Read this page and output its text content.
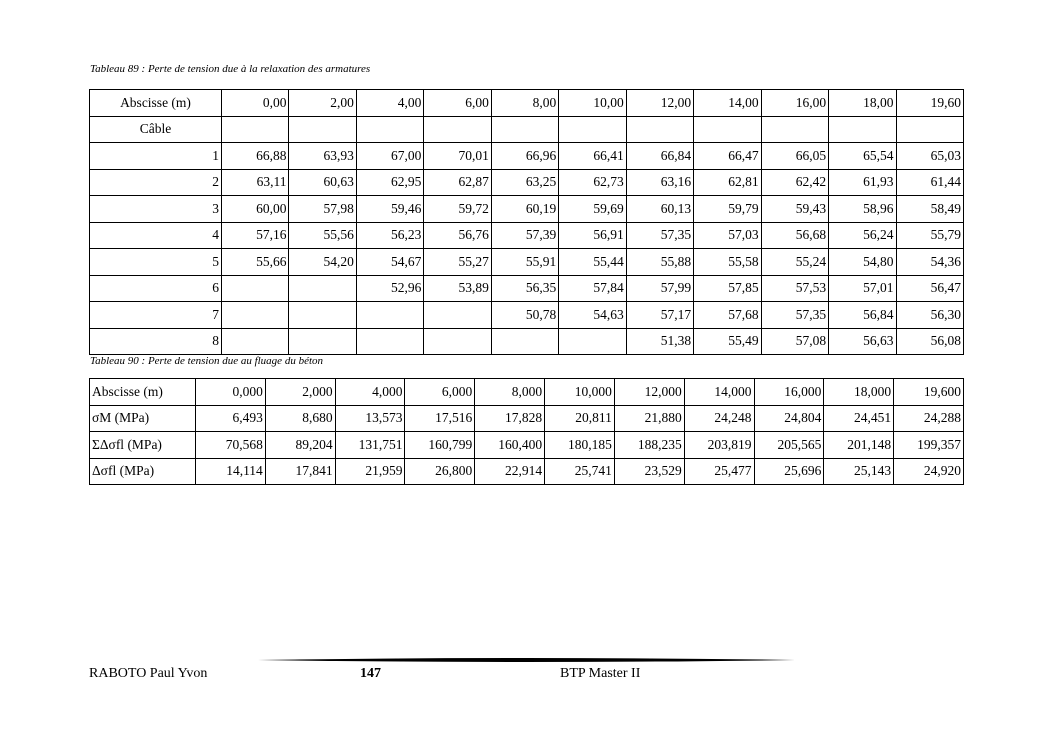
Tableau 89 : Perte de tension due à la relaxation des armatures
Abscisse (m)	0,00	2,00	4,00	6,00	8,00	10,00	12,00	14,00	16,00	18,00	19,60
Câble											
1	66,88	63,93	67,00	70,01	66,96	66,41	66,84	66,47	66,05	65,54	65,03
2	63,11	60,63	62,95	62,87	63,25	62,73	63,16	62,81	62,42	61,93	61,44
3	60,00	57,98	59,46	59,72	60,19	59,69	60,13	59,79	59,43	58,96	58,49
4	57,16	55,56	56,23	56,76	57,39	56,91	57,35	57,03	56,68	56,24	55,79
5	55,66	54,20	54,67	55,27	55,91	55,44	55,88	55,58	55,24	54,80	54,36
6			52,96	53,89	56,35	57,84	57,99	57,85	57,53	57,01	56,47
7					50,78	54,63	57,17	57,68	57,35	56,84	56,30
8							51,38	55,49	57,08	56,63	56,08
Tableau 90 : Perte de tension due au fluage du béton
Abscisse (m)	0,000	2,000	4,000	6,000	8,000	10,000	12,000	14,000	16,000	18,000	19,600
σM (MPa)	6,493	8,680	13,573	17,516	17,828	20,811	21,880	24,248	24,804	24,451	24,288
ΣΔσfl (MPa)	70,568	89,204	131,751	160,799	160,400	180,185	188,235	203,819	205,565	201,148	199,357
Δσfl (MPa)	14,114	17,841	21,959	26,800	22,914	25,741	23,529	25,477	25,696	25,143	24,920
RABOTO Paul Yvon	147	BTP Master II
